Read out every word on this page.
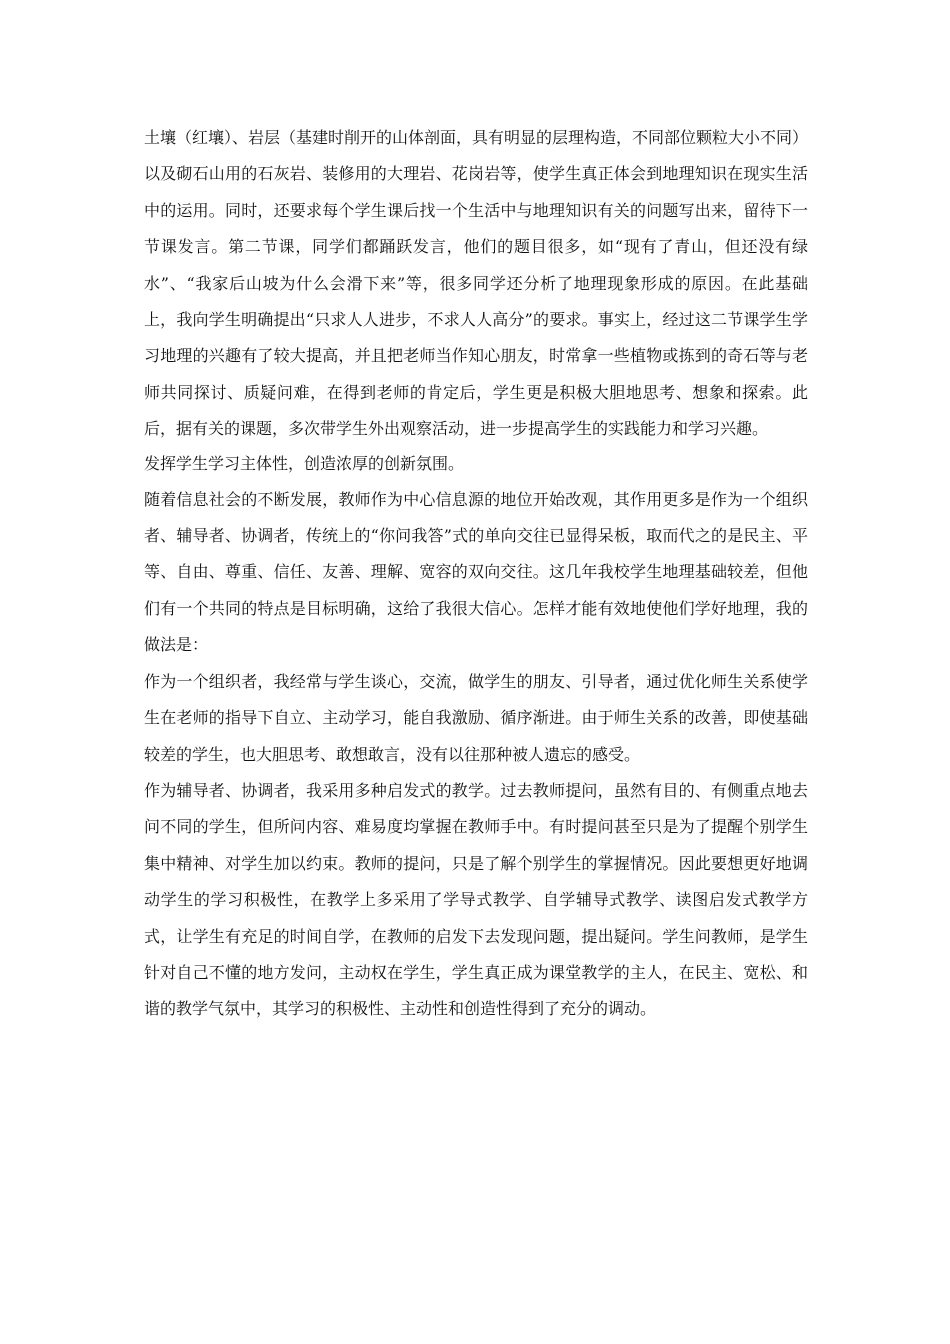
土壤（红壤）、岩层（基建时削开的山体剖面，具有明显的层理构造，不同部位颗粒大小不同）以及砌石山用的石灰岩、装修用的大理岩、花岗岩等，使学生真正体会到地理知识在现实生活中的运用。同时，还要求每个学生课后找一个生活中与地理知识有关的问题写出来，留待下一节课发言。第二节课，同学们都踊跃发言，他们的题目很多，如“现有了青山，但还没有绿水”、“我家后山坡为什么会滑下来”等，很多同学还分析了地理现象形成的原因。在此基础上，我向学生明确提出“只求人人进步，不求人人高分”的要求。事实上，经过这二节课学生学习地理的兴趣有了较大提高，并且把老师当作知心朋友，时常拿一些植物或拣到的奇石等与老师共同探讨、质疑问难，在得到老师的肯定后，学生更是积极大胆地思考、想象和探索。此后，据有关的课题，多次带学生外出观察活动，进一步提高学生的实践能力和学习兴趣。

发挥学生学习主体性，创造浓厚的创新氛围。

随着信息社会的不断发展，教师作为中心信息源的地位开始改观，其作用更多是作为一个组织者、辅导者、协调者，传统上的“你问我答”式的单向交往已显得呆板，取而代之的是民主、平等、自由、尊重、信任、友善、理解、宽容的双向交往。这几年我校学生地理基础较差，但他们有一个共同的特点是目标明确，这给了我很大信心。怎样才能有效地使他们学好地理，我的做法是：

作为一个组织者，我经常与学生谈心，交流，做学生的朋友、引导者，通过优化师生关系使学生在老师的指导下自立、主动学习，能自我激励、循序渐进。由于师生关系的改善，即使基础较差的学生，也大胆思考、敢想敢言，没有以往那种被人遗忘的感受。

作为辅导者、协调者，我采用多种启发式的教学。过去教师提问，虽然有目的、有侧重点地去问不同的学生，但所问内容、难易度均掌握在教师手中。有时提问甚至只是为了提醒个别学生集中精神、对学生加以约束。教师的提问，只是了解个别学生的掌握情况。因此要想更好地调动学生的学习积极性，在教学上多采用了学导式教学、自学辅导式教学、读图启发式教学方式，让学生有充足的时间自学，在教师的启发下去发现问题，提出疑问。学生问教师，是学生针对自己不懂的地方发问，主动权在学生，学生真正成为课堂教学的主人，在民主、宽松、和谐的教学气氛中，其学习的积极性、主动性和创造性得到了充分的调动。
